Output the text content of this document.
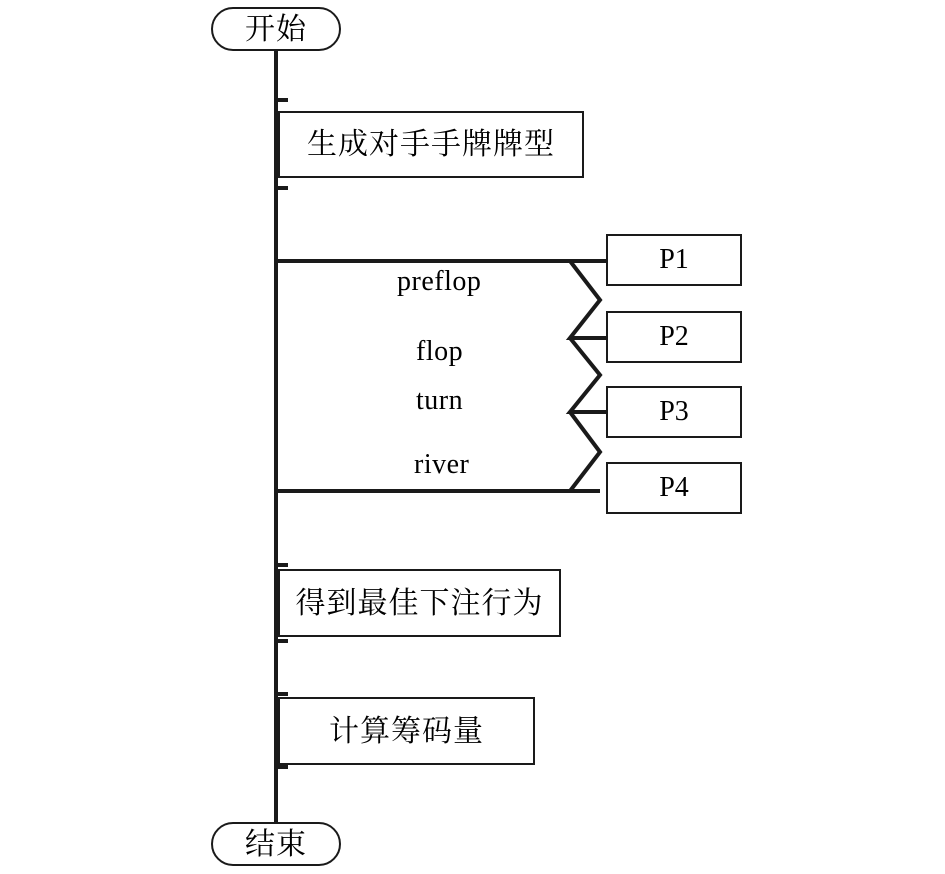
开始
生成对手手牌牌型
preflop
flop
turn
river
P1
P2
P3
P4
得到最佳下注行为
计算筹码量
结束
